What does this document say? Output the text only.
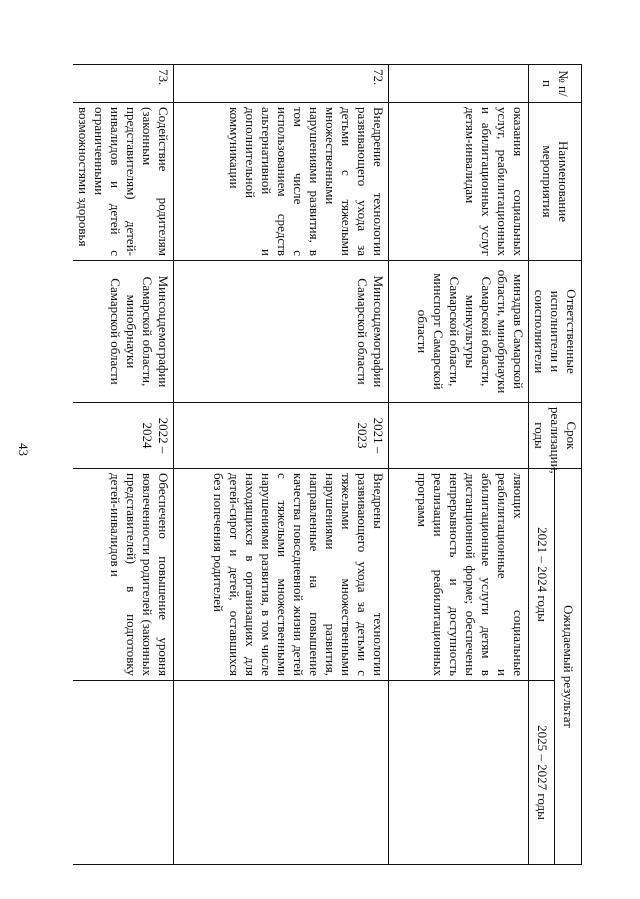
43
№ п/п	Наименование мероприятия	Ответственные исполнители и соисполнители	Срок реализации, годы	Ожидаемый результат	
				2021 – 2024 годы	2025 – 2027 годы
	оказания социальных услуг, реабилитационных и абилитационных услуг детям-инвалидам	минздрав Самарской области, минобрнауки Самарской области, минкультуры Самарской области, минспорт Самарской области		ляющих социальные реабилитационные и абилитационные услуги детям в дистанционной форме; обеспечены непрерывность и доступность реализации реабилитационных программ	
72.	Внедрение технологии развивающего ухода за детьми с тяжелыми множественными нарушениями развития, в том числе с использованием средств альтернативной и дополнительной коммуникации	Минсоцдемографии Самарской области	2021 – 2023	Внедрены технологии развивающего ухода за детьми с тяжелыми множественными нарушениями развития, направленные на повышение качества повседневной жизни детей с тяжелыми множественными нарушениями развития, в том числе находящихся в организациях для детей-сирот и детей, оставшихся без попечения родителей	
73.	Содействие родителям (законным представителям) детей-инвалидов и детей с ограниченными возможностями здоровья	Минсоцдемографии Самарской области, минобрнауки Самарской области	2022 – 2024	Обеспечено повышение уровня вовлеченности родителей (законных представителей) в подготовку детей-инвалидов и	
